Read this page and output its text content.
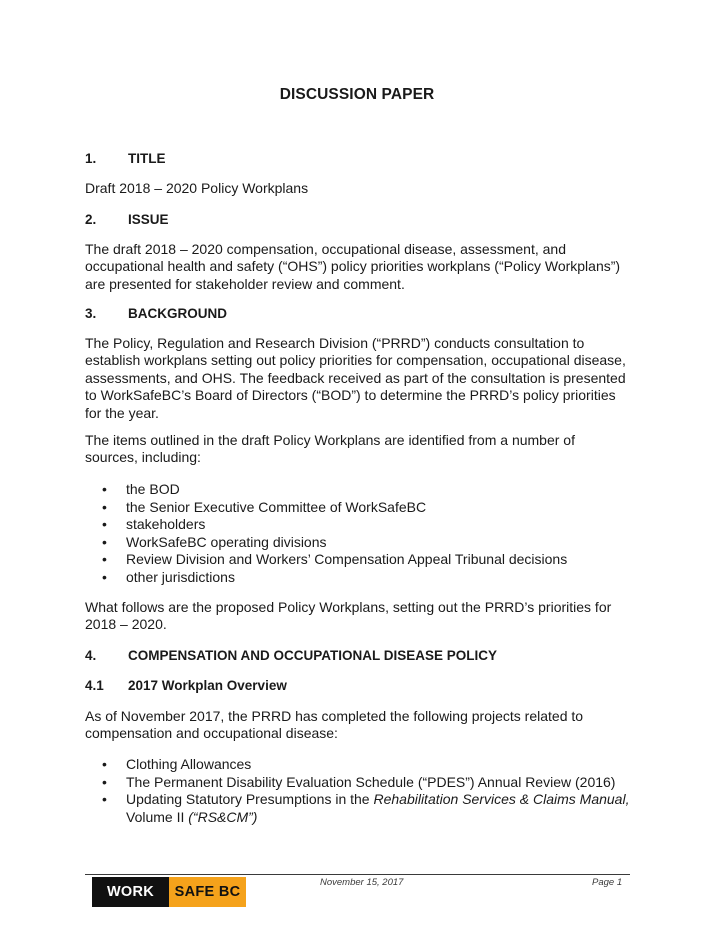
DISCUSSION PAPER
1. TITLE

Draft 2018 – 2020 Policy Workplans

2. ISSUE

The draft 2018 – 2020 compensation, occupational disease, assessment, and
occupational health and safety (“OHS”) policy priorities workplans (“Policy Workplans”)
are presented for stakeholder review and comment.

3. BACKGROUND

The Policy, Regulation and Research Division (“PRRD”) conducts consultation to
establish workplans setting out policy priorities for compensation, occupational disease,
assessments, and OHS. The feedback received as part of the consultation is presented
to WorkSafeBC’s Board of Directors (“BOD”) to determine the PRRD’s policy priorities
for the year.

The items outlined in the draft Policy Workplans are identified from a number of
sources, including:

• the BOD
• the Senior Executive Committee of WorkSafeBC
• stakeholders
• WorkSafeBC operating divisions
• Review Division and Workers’ Compensation Appeal Tribunal decisions
• other jurisdictions

What follows are the proposed Policy Workplans, setting out the PRRD’s priorities for
2018 – 2020.

4. COMPENSATION AND OCCUPATIONAL DISEASE POLICY
4.1 2017 Workplan Overview

As of November 2017, the PRRD has completed the following projects related to
compensation and occupational disease:

• Clothing Allowances
• The Permanent Disability Evaluation Schedule (“PDES”) Annual Review (2016)
• Updating Statutory Presumptions in the Rehabilitation Services & Claims Manual,
Volume II (“RS&CM”)
WORK	SAFE BC
November 15, 2017	Page 1
